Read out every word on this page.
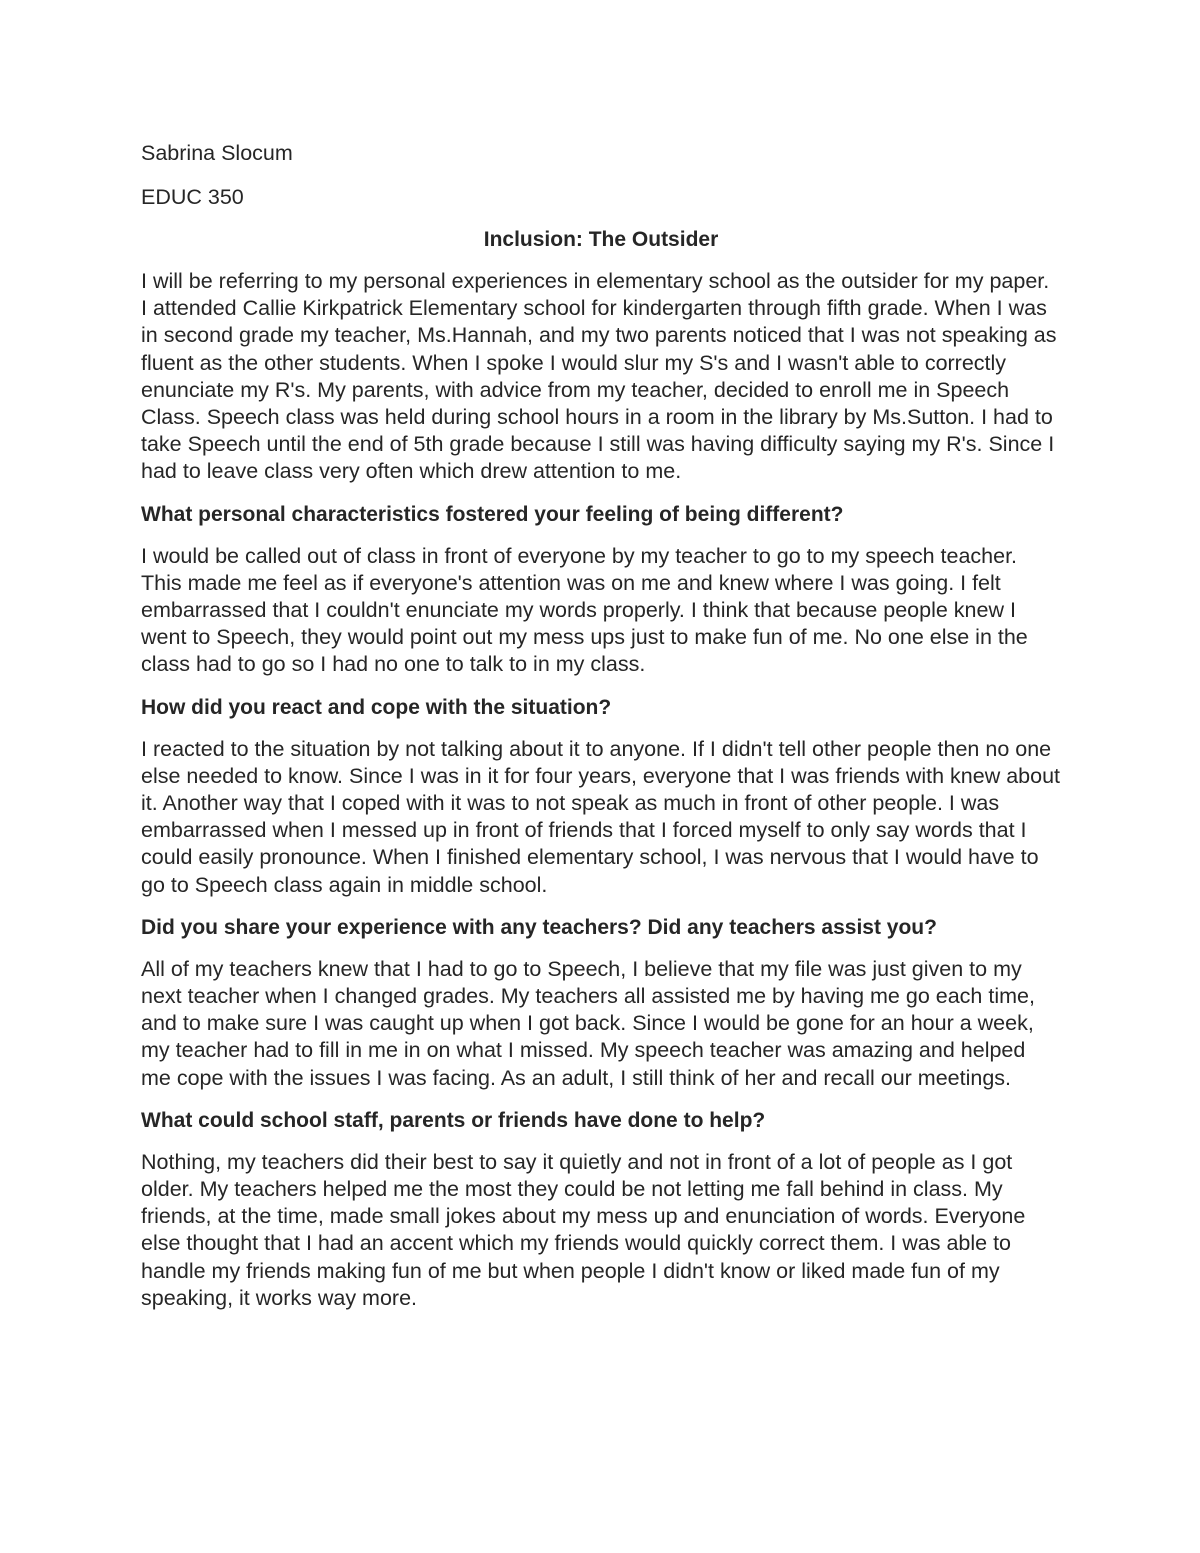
Sabrina Slocum

EDUC 350

Inclusion: The Outsider

I will be referring to my personal experiences in elementary school as the outsider for my paper. I attended Callie Kirkpatrick Elementary school for kindergarten through fifth grade. When I was in second grade my teacher, Ms.Hannah, and my two parents noticed that I was not speaking as fluent as the other students. When I spoke I would slur my S's and I wasn't able to correctly enunciate my R's. My parents, with advice from my teacher, decided to enroll me in Speech Class. Speech class was held during school hours in a room in the library by Ms.Sutton. I had to take Speech until the end of 5th grade because I still was having difficulty saying my R's. Since I had to leave class very often which drew attention to me.

What personal characteristics fostered your feeling of being different?

I would be called out of class in front of everyone by my teacher to go to my speech teacher. This made me feel as if everyone's attention was on me and knew where I was going. I felt embarrassed that I couldn't enunciate my words properly. I think that because people knew I went to Speech, they would point out my mess ups just to make fun of me. No one else in the class had to go so I had no one to talk to in my class.

How did you react and cope with the situation?

I reacted to the situation by not talking about it to anyone. If I didn't tell other people then no one else needed to know. Since I was in it for four years, everyone that I was friends with knew about it. Another way that I coped with it was to not speak as much in front of other people. I was embarrassed when I messed up in front of friends that I forced myself to only say words that I could easily pronounce. When I finished elementary school, I was nervous that I would have to go to Speech class again in middle school.

Did you share your experience with any teachers? Did any teachers assist you?

All of my teachers knew that I had to go to Speech, I believe that my file was just given to my next teacher when I changed grades. My teachers all assisted me by having me go each time, and to make sure I was caught up when I got back. Since I would be gone for an hour a week, my teacher had to fill in me in on what I missed. My speech teacher was amazing and helped me cope with the issues I was facing. As an adult, I still think of her and recall our meetings.

What could school staff, parents or friends have done to help?

Nothing, my teachers did their best to say it quietly and not in front of a lot of people as I got older. My teachers helped me the most they could be not letting me fall behind in class. My friends, at the time, made small jokes about my mess up and enunciation of words. Everyone else thought that I had an accent which my friends would quickly correct them. I was able to handle my friends making fun of me but when people I didn't know or liked made fun of my speaking, it works way more.
